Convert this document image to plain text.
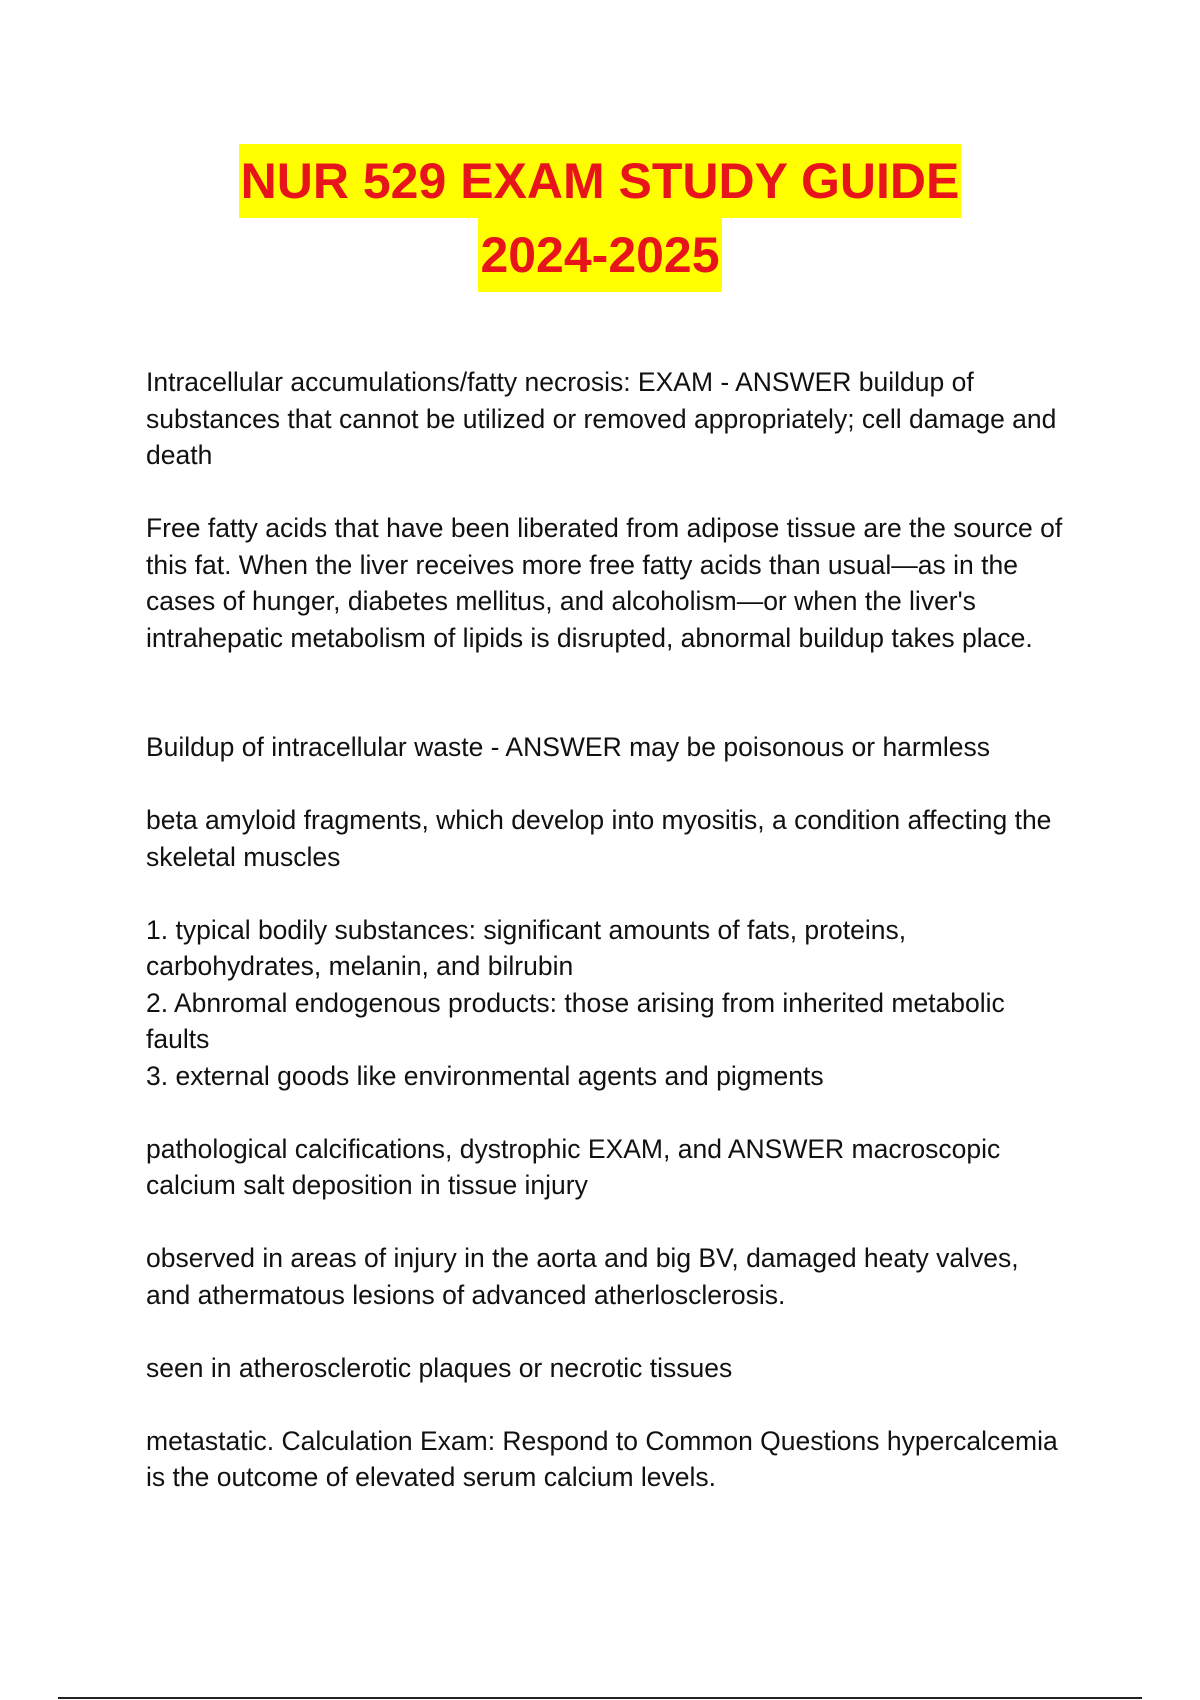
NUR 529 EXAM STUDY GUIDE
2024-2025

Intracellular accumulations/fatty necrosis: EXAM - ANSWER buildup of substances that cannot be utilized or removed appropriately; cell damage and death

Free fatty acids that have been liberated from adipose tissue are the source of this fat. When the liver receives more free fatty acids than usual—as in the cases of hunger, diabetes mellitus, and alcoholism—or when the liver's intrahepatic metabolism of lipids is disrupted, abnormal buildup takes place.

Buildup of intracellular waste - ANSWER may be poisonous or harmless

beta amyloid fragments, which develop into myositis, a condition affecting the skeletal muscles

1. typical bodily substances: significant amounts of fats, proteins, carbohydrates, melanin, and bilrubin

2. Abnromal endogenous products: those arising from inherited metabolic faults

3. external goods like environmental agents and pigments

pathological calcifications, dystrophic EXAM, and ANSWER macroscopic calcium salt deposition in tissue injury

observed in areas of injury in the aorta and big BV, damaged heaty valves, and athermatous lesions of advanced atherlosclerosis.

seen in atherosclerotic plaques or necrotic tissues

metastatic. Calculation Exam: Respond to Common Questions hypercalcemia is the outcome of elevated serum calcium levels.
